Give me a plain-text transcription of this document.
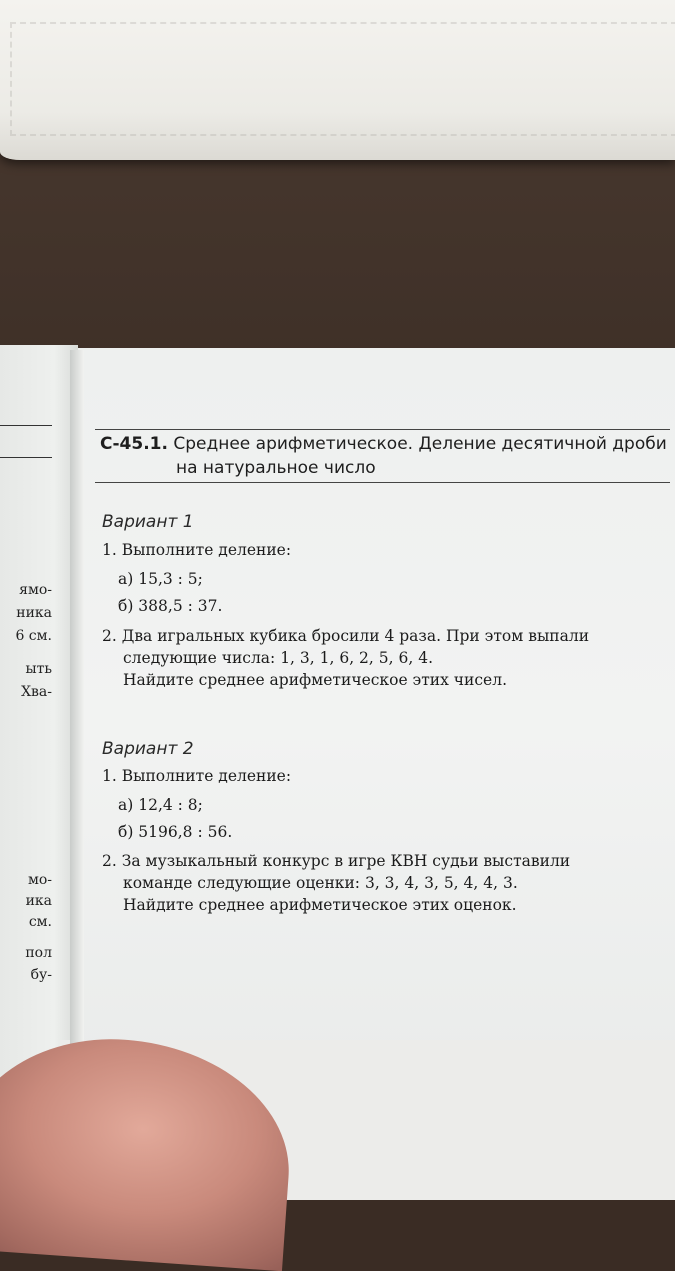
ямо-
ника
6 см.
ыть
Хва-
мо-
ика
см.
пол
бу-
С-45.1. Среднее арифметическое. Деление десятичной дроби
на натуральное число
Вариант 1
1. Выполните деление:
а) 15,3 : 5;
б) 388,5 : 37.
2. Два игральных кубика бросили 4 раза. При этом выпали
следующие числа: 1, 3, 1, 6, 2, 5, 6, 4.
Найдите среднее арифметическое этих чисел.
Вариант 2
1. Выполните деление:
а) 12,4 : 8;
б) 5196,8 : 56.
2. За музыкальный конкурс в игре КВН судьи выставили
команде следующие оценки: 3, 3, 4, 3, 5, 4, 4, 3.
Найдите среднее арифметическое этих оценок.
